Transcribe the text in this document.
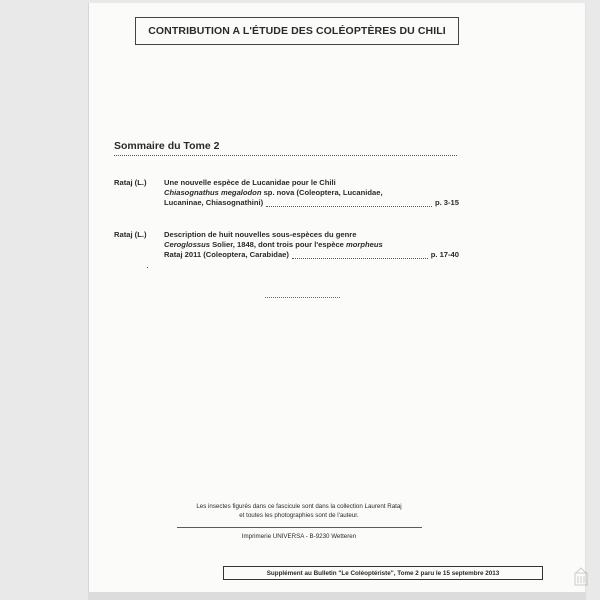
CONTRIBUTION A L'ÉTUDE DES COLÉOPTÈRES DU CHILI
Sommaire du Tome 2
Rataj (L.)	Une nouvelle espèce de Lucanidae pour le Chili
Chiasognathus megalodon sp. nova (Coleoptera, Lucanidae,
Lucaninae, Chiasognathini)	p. 3-15
Rataj (L.)	Description de huit nouvelles sous-espèces du genre
Ceroglossus Solier, 1848, dont trois pour l'espèce morpheus
Rataj 2011 (Coleoptera, Carabidae)	p. 17-40
·
Les insectes figurés dans ce fascicule sont dans la collection Laurent Rataj
et toutes les photographies sont de l'auteur.
Imprimerie UNIVERSA - B-9230 Wetteren
Supplément au Bulletin "Le Coléoptériste", Tome 2 paru le 15 septembre 2013
